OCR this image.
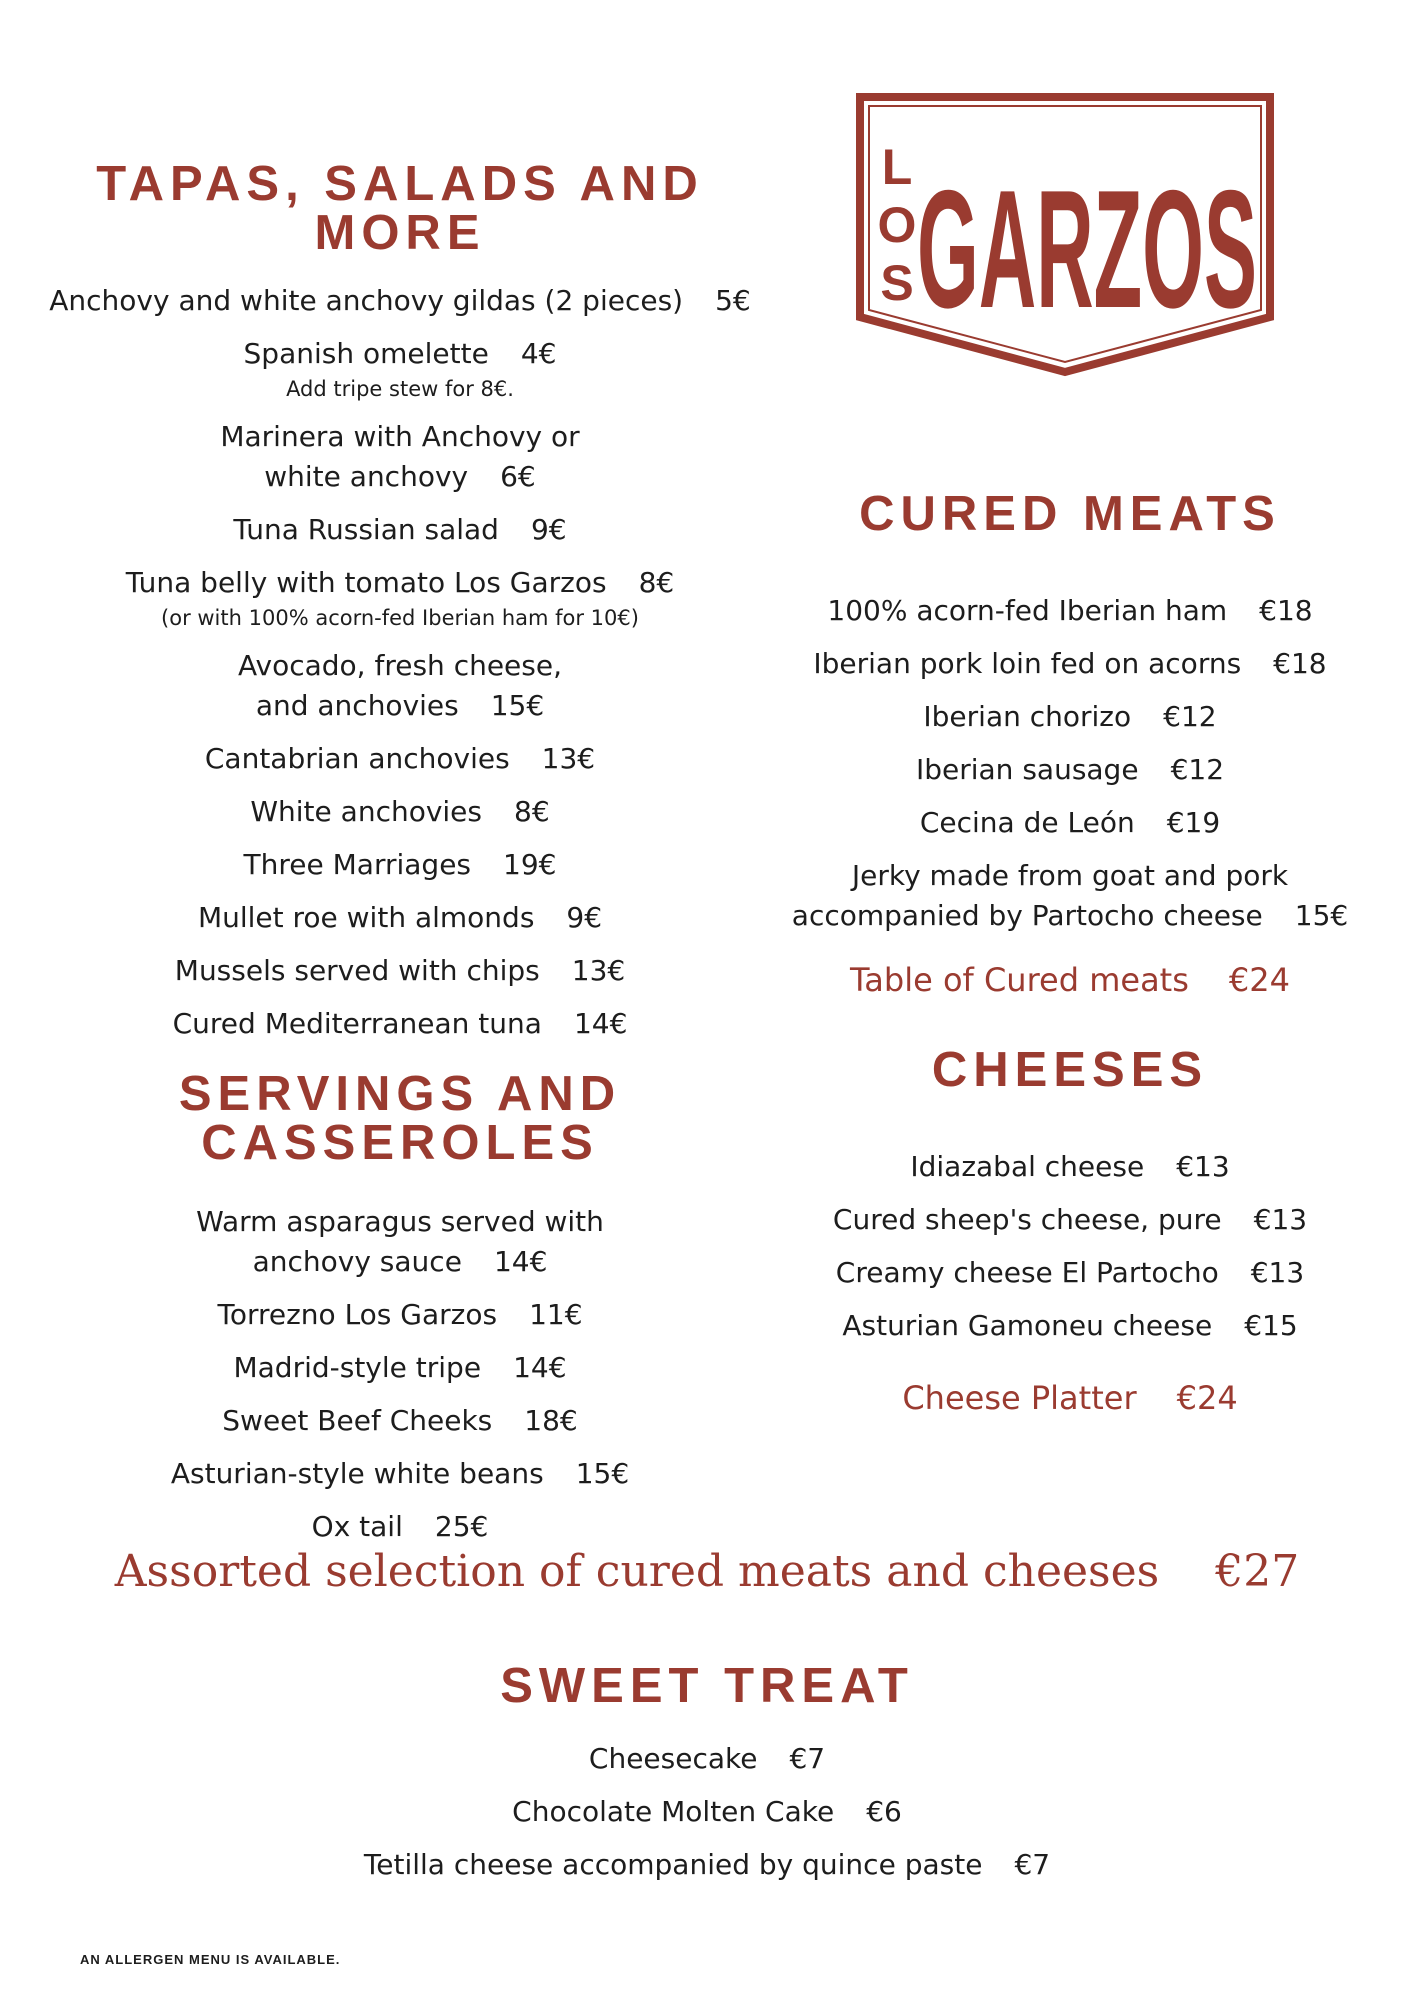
L
O
S GARZOS
TAPAS, SALADS AND MORE

Anchovy and white anchovy gildas (2 pieces) 5€

Spanish omelette 4€

Add tripe stew for 8€.

Marinera with Anchovy or
white anchovy 6€

Tuna Russian salad 9€

Tuna belly with tomato Los Garzos 8€

(or with 100% acorn-fed Iberian ham for 10€)

Avocado, fresh cheese,
and anchovies 15€

Cantabrian anchovies 13€

White anchovies 8€

Three Marriages 19€

Mullet roe with almonds 9€

Mussels served with chips 13€

Cured Mediterranean tuna 14€

SERVINGS AND CASSEROLES

Warm asparagus served with
anchovy sauce 14€

Torrezno Los Garzos 11€

Madrid-style tripe 14€

Sweet Beef Cheeks 18€

Asturian-style white beans 15€

Ox tail 25€

CURED MEATS

100% acorn-fed Iberian ham €18

Iberian pork loin fed on acorns €18

Iberian chorizo €12

Iberian sausage €12

Cecina de León €19

Jerky made from goat and pork
accompanied by Partocho cheese 15€

Table of Cured meats €24

CHEESES

Idiazabal cheese €13

Cured sheep's cheese, pure €13

Creamy cheese El Partocho €13

Asturian Gamoneu cheese €15

Cheese Platter €24

Assorted selection of cured meats and cheeses €27

SWEET TREAT

Cheesecake €7

Chocolate Molten Cake €6

Tetilla cheese accompanied by quince paste €7

AN ALLERGEN MENU IS AVAILABLE.
